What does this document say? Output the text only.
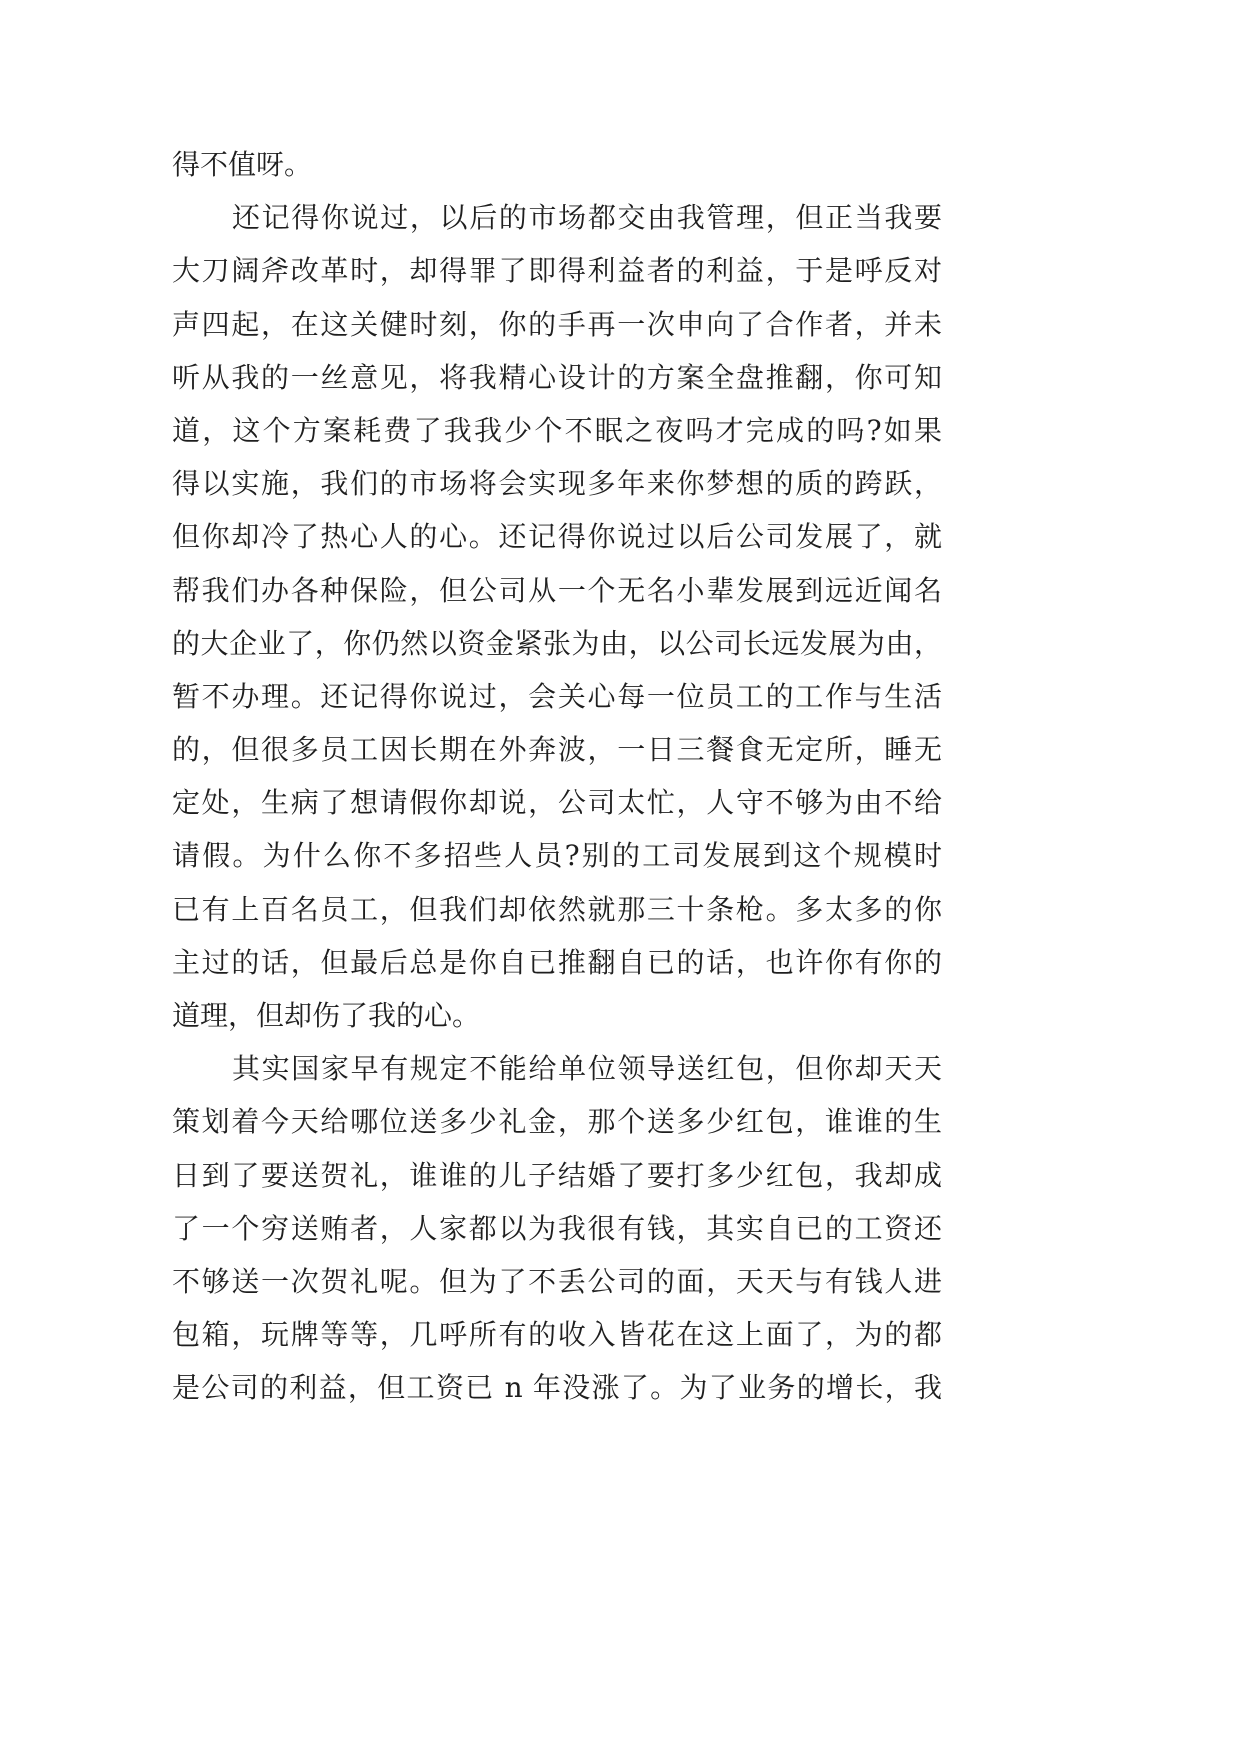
得不值呀。
还记得你说过，以后的市场都交由我管理，但正当我要
大刀阔斧改革时，却得罪了即得利益者的利益，于是呼反对
声四起，在这关健时刻，你的手再一次申向了合作者，并未
听从我的一丝意见，将我精心设计的方案全盘推翻，你可知
道，这个方案耗费了我我少个不眠之夜吗才完成的吗?如果
得以实施，我们的市场将会实现多年来你梦想的质的跨跃，
但你却冷了热心人的心。还记得你说过以后公司发展了，就
帮我们办各种保险，但公司从一个无名小辈发展到远近闻名
的大企业了，你仍然以资金紧张为由，以公司长远发展为由，
暂不办理。还记得你说过，会关心每一位员工的工作与生活
的，但很多员工因长期在外奔波，一日三餐食无定所，睡无
定处，生病了想请假你却说，公司太忙，人守不够为由不给
请假。为什么你不多招些人员?别的工司发展到这个规模时
已有上百名员工，但我们却依然就那三十条枪。多太多的你
主过的话，但最后总是你自已推翻自已的话，也许你有你的
道理，但却伤了我的心。
其实国家早有规定不能给单位领导送红包，但你却天天
策划着今天给哪位送多少礼金，那个送多少红包，谁谁的生
日到了要送贺礼，谁谁的儿子结婚了要打多少红包，我却成
了一个穷送贿者，人家都以为我很有钱，其实自已的工资还
不够送一次贺礼呢。但为了不丢公司的面，天天与有钱人进
包箱，玩牌等等，几呼所有的收入皆花在这上面了，为的都
是公司的利益，但工资已 n 年没涨了。为了业务的增长，我
